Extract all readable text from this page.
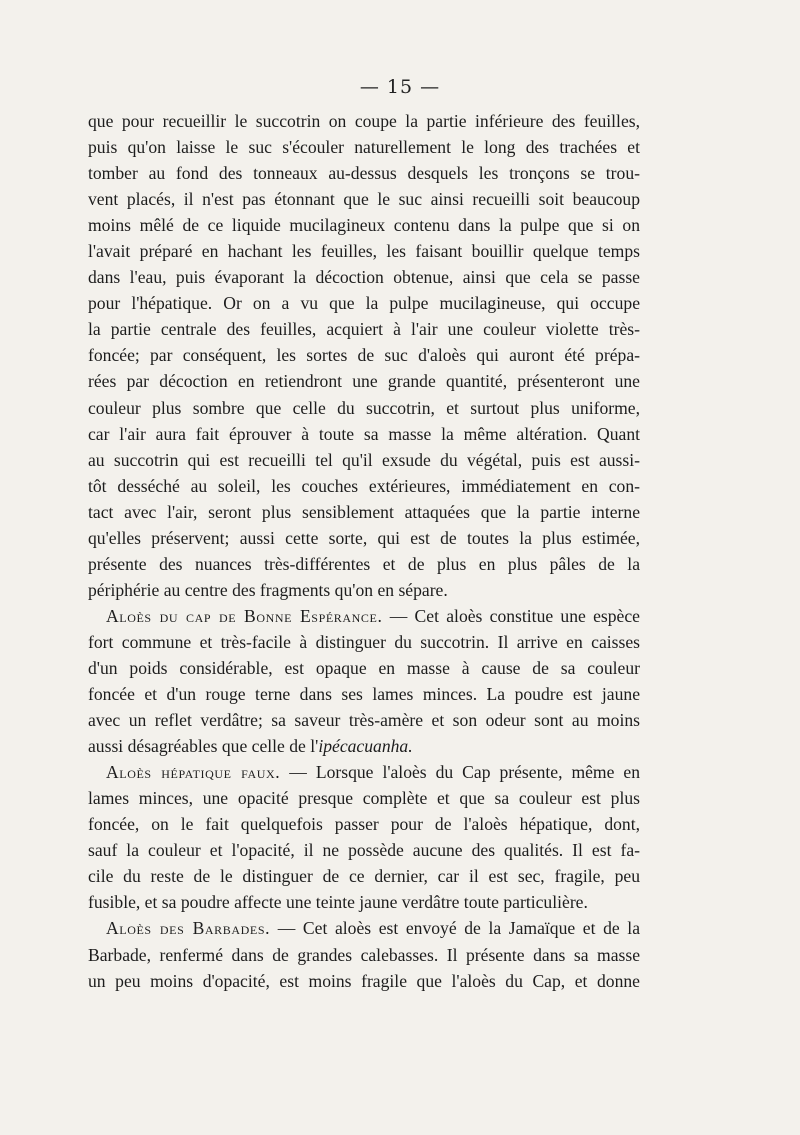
— 15 —
que pour recueillir le succotrin on coupe la partie inférieure des feuilles,
puis qu'on laisse le suc s'écouler naturellement le long des trachées et
tomber au fond des tonneaux au-dessus desquels les tronçons se trou-
vent placés, il n'est pas étonnant que le suc ainsi recueilli soit beaucoup
moins mêlé de ce liquide mucilagineux contenu dans la pulpe que si on
l'avait préparé en hachant les feuilles, les faisant bouillir quelque temps
dans l'eau, puis évaporant la décoction obtenue, ainsi que cela se passe
pour l'hépatique. Or on a vu que la pulpe mucilagineuse, qui occupe
la partie centrale des feuilles, acquiert à l'air une couleur violette très-
foncée; par conséquent, les sortes de suc d'aloès qui auront été prépa-
rées par décoction en retiendront une grande quantité, présenteront une
couleur plus sombre que celle du succotrin, et surtout plus uniforme,
car l'air aura fait éprouver à toute sa masse la même altération. Quant
au succotrin qui est recueilli tel qu'il exsude du végétal, puis est aussi-
tôt desséché au soleil, les couches extérieures, immédiatement en con-
tact avec l'air, seront plus sensiblement attaquées que la partie interne
qu'elles préservent; aussi cette sorte, qui est de toutes la plus estimée,
présente des nuances très-différentes et de plus en plus pâles de la
périphérie au centre des fragments qu'on en sépare.
Aloès du cap de Bonne Espérance. — Cet aloès constitue une espèce
fort commune et très-facile à distinguer du succotrin. Il arrive en caisses
d'un poids considérable, est opaque en masse à cause de sa couleur
foncée et d'un rouge terne dans ses lames minces. La poudre est jaune
avec un reflet verdâtre; sa saveur très-amère et son odeur sont au moins
aussi désagréables que celle de l'ipécacuanha.
Aloès hépatique faux. — Lorsque l'aloès du Cap présente, même en
lames minces, une opacité presque complète et que sa couleur est plus
foncée, on le fait quelquefois passer pour de l'aloès hépatique, dont,
sauf la couleur et l'opacité, il ne possède aucune des qualités. Il est fa-
cile du reste de le distinguer de ce dernier, car il est sec, fragile, peu
fusible, et sa poudre affecte une teinte jaune verdâtre toute particulière.
Aloès des Barbades. — Cet aloès est envoyé de la Jamaïque et de la
Barbade, renfermé dans de grandes calebasses. Il présente dans sa masse
un peu moins d'opacité, est moins fragile que l'aloès du Cap, et donne
